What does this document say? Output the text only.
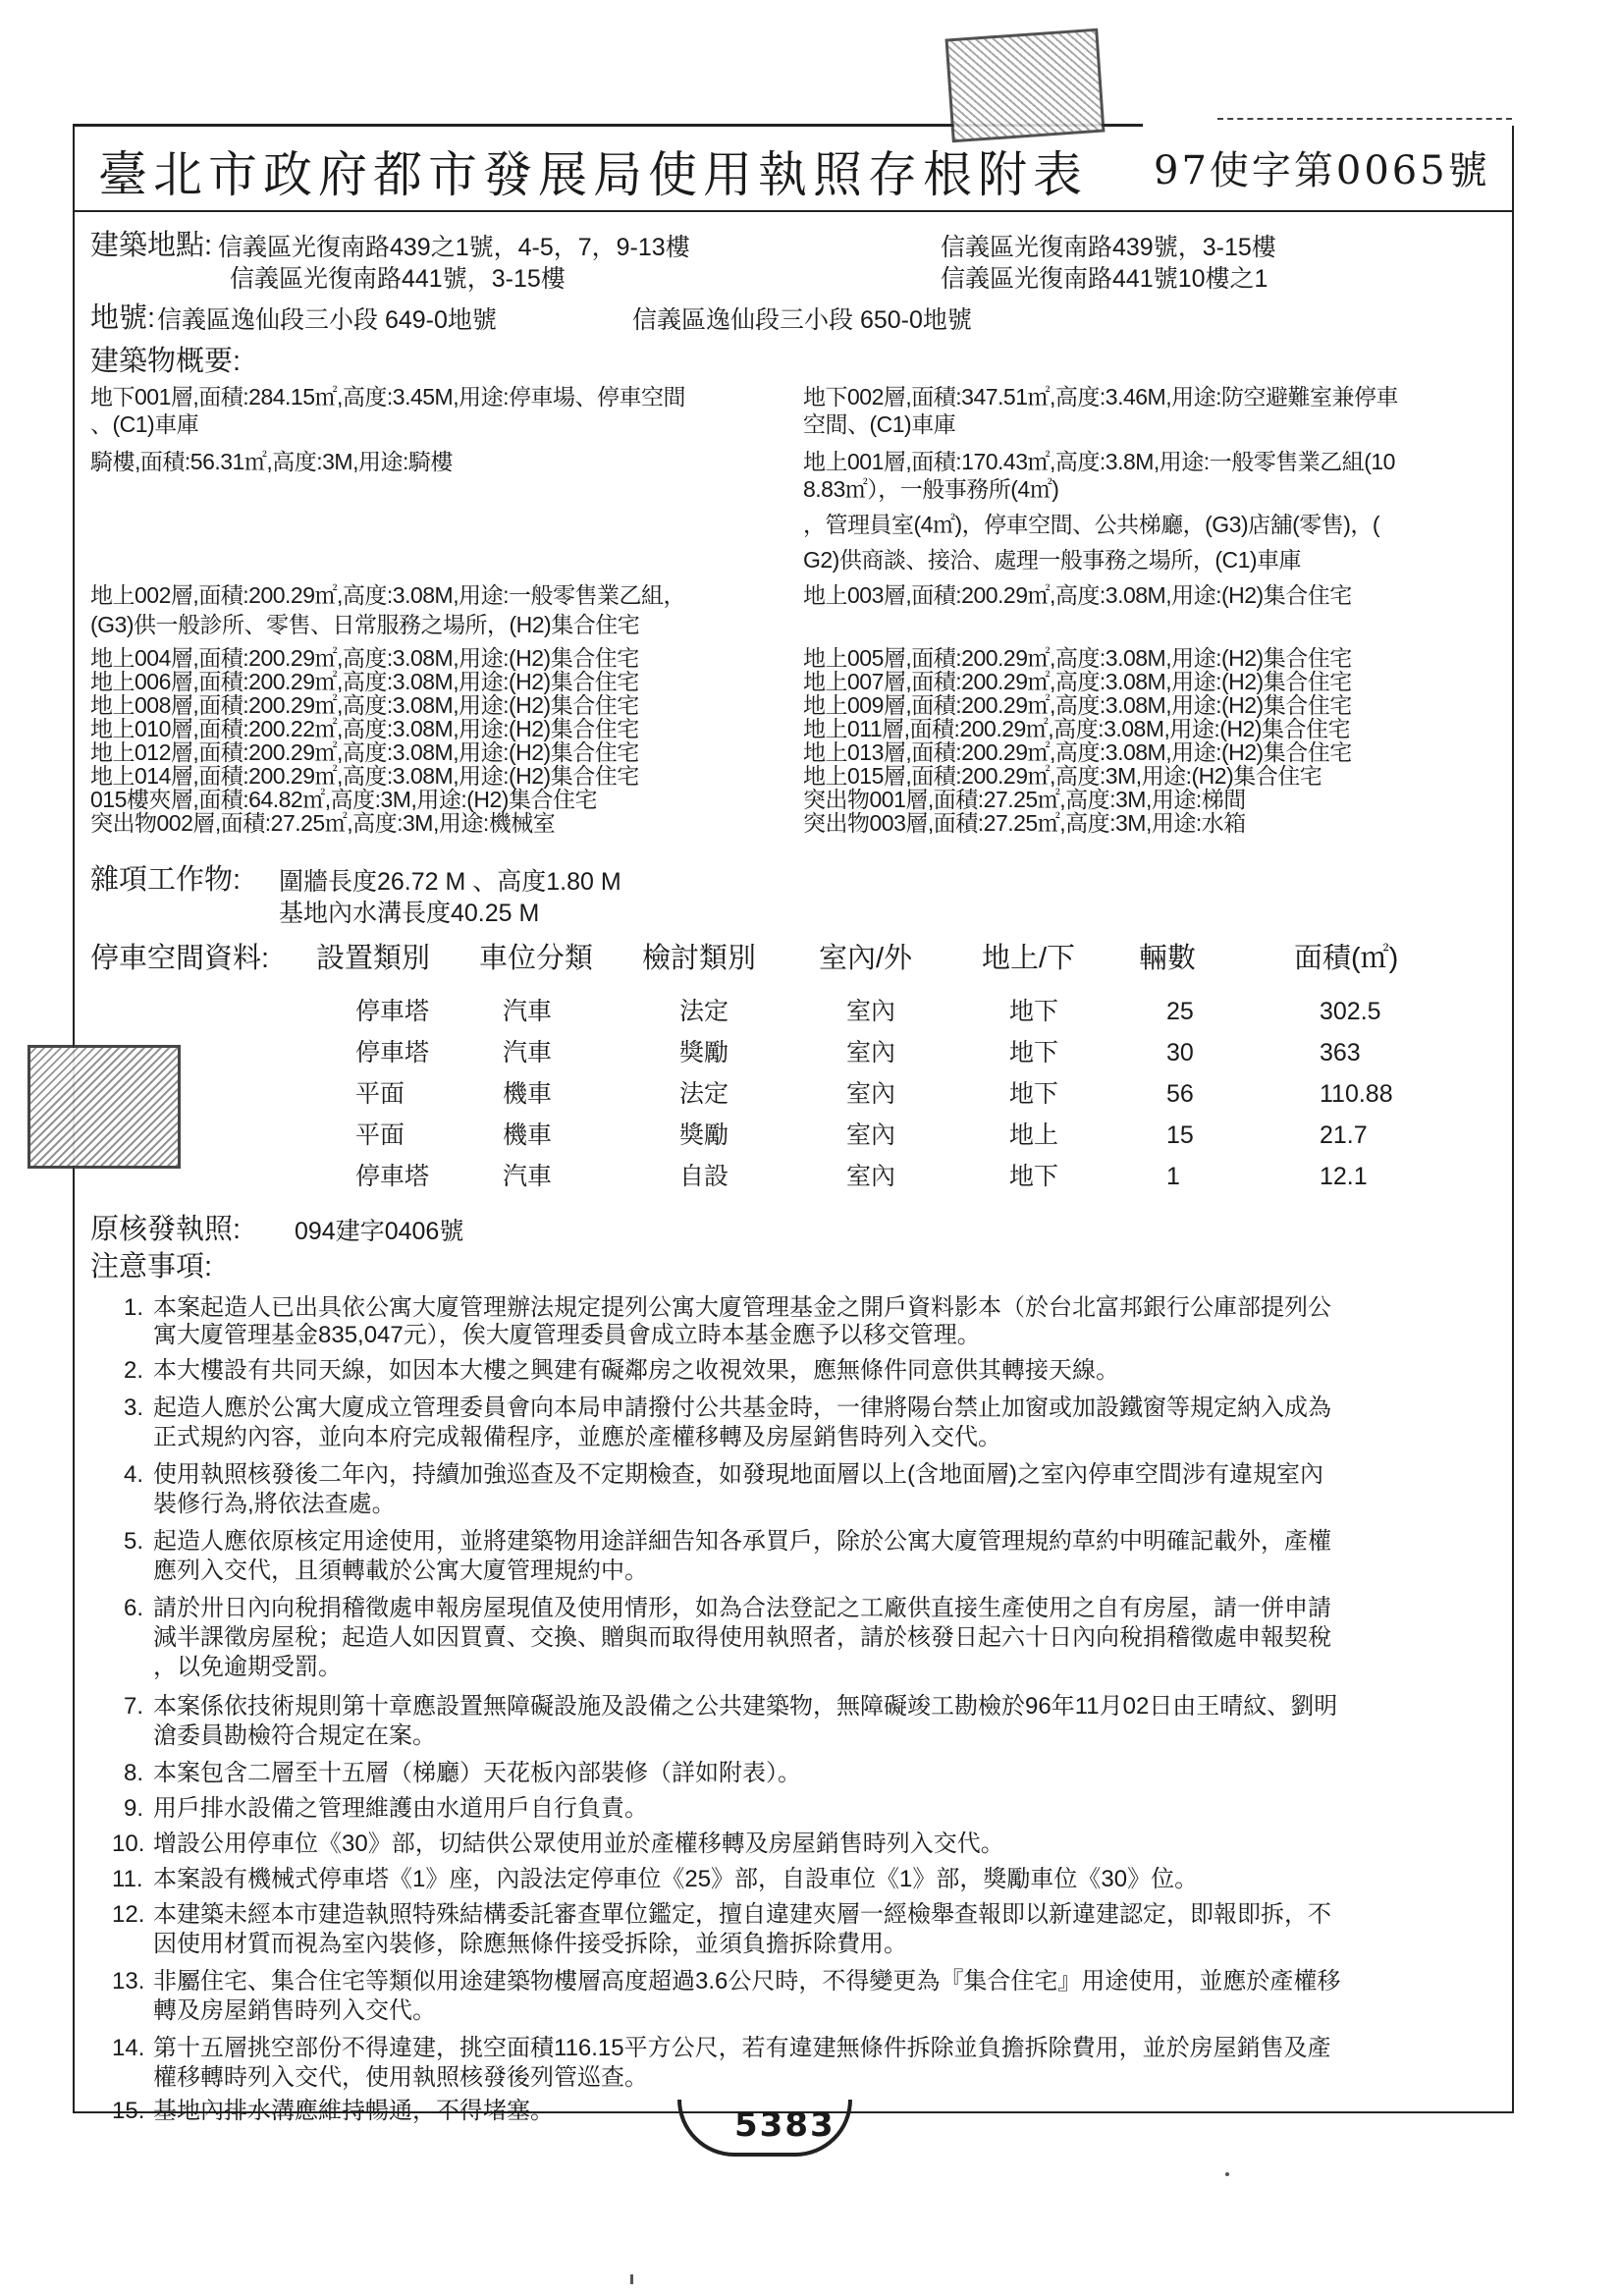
臺北市政府都市發展局使用執照存根附表 97使字第0065號
建築地點: 信義區光復南路439之1號，4-5，7，9-13樓	信義區光復南路439號，3-15樓
信義區光復南路441號，3-15樓	信義區光復南路441號10樓之1
地號: 信義區逸仙段三小段 649-0地號	信義區逸仙段三小段 650-0地號
建築物概要:
地下001層,面積:284.15㎡,高度:3.45M,用途:停車場、停車空間
、(C1)車庫
地下002層,面積:347.51㎡,高度:3.46M,用途:防空避難室兼停車
空間、(C1)車庫
騎樓,面積:56.31㎡,高度:3M,用途:騎樓	地上001層,面積:170.43㎡,高度:3.8M,用途:一般零售業乙組(10
8.83㎡），一般事務所(4㎡)
，管理員室(4㎡)，停車空間、公共梯廳，(G3)店舖(零售)，(
G2)供商談、接洽、處理一般事務之場所，(C1)車庫
地上002層,面積:200.29㎡,高度:3.08M,用途:一般零售業乙組，
(G3)供一般診所、零售、日常服務之場所，(H2)集合住宅
地上003層,面積:200.29㎡,高度:3.08M,用途:(H2)集合住宅
地上004層,面積:200.29㎡,高度:3.08M,用途:(H2)集合住宅
地上006層,面積:200.29㎡,高度:3.08M,用途:(H2)集合住宅
地上008層,面積:200.29㎡,高度:3.08M,用途:(H2)集合住宅
地上010層,面積:200.22㎡,高度:3.08M,用途:(H2)集合住宅
地上012層,面積:200.29㎡,高度:3.08M,用途:(H2)集合住宅
地上014層,面積:200.29㎡,高度:3.08M,用途:(H2)集合住宅
015樓夾層,面積:64.82㎡,高度:3M,用途:(H2)集合住宅
突出物002層,面積:27.25㎡,高度:3M,用途:機械室
地上005層,面積:200.29㎡,高度:3.08M,用途:(H2)集合住宅
地上007層,面積:200.29㎡,高度:3.08M,用途:(H2)集合住宅
地上009層,面積:200.29㎡,高度:3.08M,用途:(H2)集合住宅
地上011層,面積:200.29㎡,高度:3.08M,用途:(H2)集合住宅
地上013層,面積:200.29㎡,高度:3.08M,用途:(H2)集合住宅
地上015層,面積:200.29㎡,高度:3M,用途:(H2)集合住宅
突出物001層,面積:27.25㎡,高度:3M,用途:梯間
突出物003層,面積:27.25㎡,高度:3M,用途:水箱
雜項工作物: 圍牆長度26.72 M 、高度1.80 M
基地內水溝長度40.25 M
停車空間資料: 設置類別 車位分類 檢討類別 室內/外 地上/下 輛數	面積(㎡)
停車塔	汽車	法定	室內	地下	25	302.5
停車塔	汽車	獎勵	室內	地下	30	363
平面	機車	法定	室內	地下	56	110.88
平面	機車	獎勵	室內	地上	15	21.7
停車塔	汽車	自設	室內	地下	1	12.1
原核發執照: 094建字0406號
注意事項:
1. 本案起造人已出具依公寓大廈管理辦法規定提列公寓大廈管理基金之開戶資料影本（於台北富邦銀行公庫部提列公
寓大廈管理基金835,047元），俟大廈管理委員會成立時本基金應予以移交管理。
2. 本大樓設有共同天線，如因本大樓之興建有礙鄰房之收視效果，應無條件同意供其轉接天線。
3. 起造人應於公寓大廈成立管理委員會向本局申請撥付公共基金時，一律將陽台禁止加窗或加設鐵窗等規定納入成為
正式規約內容，並向本府完成報備程序，並應於產權移轉及房屋銷售時列入交代。
4. 使用執照核發後二年內，持續加強巡查及不定期檢查，如發現地面層以上(含地面層)之室內停車空間涉有違規室內
裝修行為,將依法查處。
5. 起造人應依原核定用途使用，並將建築物用途詳細告知各承買戶，除於公寓大廈管理規約草約中明確記載外，產權
應列入交代，且須轉載於公寓大廈管理規約中。
6. 請於卅日內向稅捐稽徵處申報房屋現值及使用情形，如為合法登記之工廠供直接生產使用之自有房屋，請一併申請
減半課徵房屋稅；起造人如因買賣、交換、贈與而取得使用執照者，請於核發日起六十日內向稅捐稽徵處申報契稅
，以免逾期受罰。
7. 本案係依技術規則第十章應設置無障礙設施及設備之公共建築物，無障礙竣工勘檢於96年11月02日由王晴紋、劉明
滄委員勘檢符合規定在案。
8. 本案包含二層至十五層（梯廳）天花板內部裝修（詳如附表）。
9. 用戶排水設備之管理維護由水道用戶自行負責。
10. 增設公用停車位《30》部，切結供公眾使用並於產權移轉及房屋銷售時列入交代。
11. 本案設有機械式停車塔《1》座，內設法定停車位《25》部，自設車位《1》部，獎勵車位《30》位。
12. 本建築未經本市建造執照特殊結構委託審查單位鑑定，擅自違建夾層一經檢舉查報即以新違建認定，即報即拆，不
因使用材質而視為室內裝修，除應無條件接受拆除，並須負擔拆除費用。
13. 非屬住宅、集合住宅等類似用途建築物樓層高度超過3.6公尺時，不得變更為『集合住宅』用途使用，並應於產權移
轉及房屋銷售時列入交代。
14. 第十五層挑空部份不得違建，挑空面積116.15平方公尺，若有違建無條件拆除並負擔拆除費用，並於房屋銷售及產
權移轉時列入交代，使用執照核發後列管巡查。
15. 基地內排水溝應維持暢通，不得堵塞。	5383
